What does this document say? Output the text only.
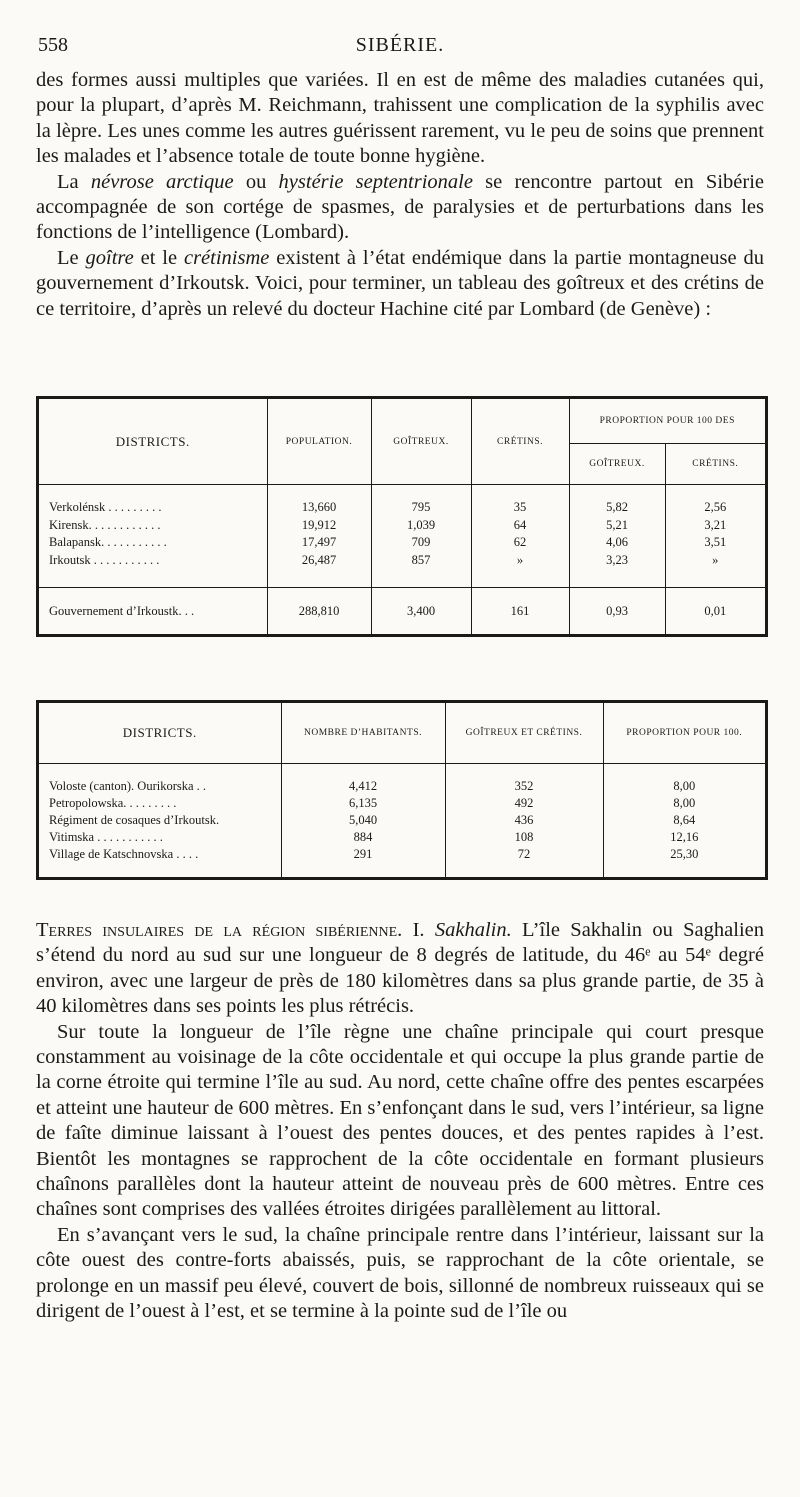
558	SIBÉRIE.

des formes aussi multiples que variées. Il en est de même des maladies cutanées qui, pour la plupart, d’après M. Reichmann, trahissent une complication de la syphilis avec la lèpre. Les unes comme les autres guérissent rarement, vu le peu de soins que prennent les malades et l’absence totale de toute bonne hygiène.

La névrose arctique ou hystérie septentrionale se rencontre partout en Sibérie accompagnée de son cortége de spasmes, de paralysies et de perturbations dans les fonctions de l’intelligence (Lombard).

Le goître et le crétinisme existent à l’état endémique dans la partie montagneuse du gouvernement d’Irkoutsk. Voici, pour terminer, un tableau des goîtreux et des crétins de ce territoire, d’après un relevé du docteur Hachine cité par Lombard (de Genève) :

DISTRICTS.	POPULATION.	GOÎTREUX.	CRÉTINS.	PROPORTION POUR 100 DES	
				GOÎTREUX.	CRÉTINS.
Verkolénsk . . . . . . . . .	13,660	795	35	5,82	2,56
Kirensk. . . . . . . . . . . .	19,912	1,039	64	5,21	3,21
Balapansk. . . . . . . . . . .	17,497	709	62	4,06	3,51
Irkoutsk . . . . . . . . . . .	26,487	857	»	3,23	»
Gouvernement d’Irkoustk. . .	288,810	3,400	161	0,93	0,01
DISTRICTS.	NOMBRE D’HABITANTS.	GOÎTREUX ET CRÉTINS.	PROPORTION POUR 100.
Voloste (canton). Ourikorska . .	4,412	352	8,00
Petropolowska. . . . . . . . .	6,135	492	8,00
Régiment de cosaques d’Irkoutsk.	5,040	436	8,64
Vitimska . . . . . . . . . . .	884	108	12,16
Village de Katschnovska . . . .	291	72	25,30

Terres insulaires de la région sibérienne. I. Sakhalin. L’île Sakhalin ou Saghalien s’étend du nord au sud sur une longueur de 8 degrés de latitude, du 46ᵉ au 54ᵉ degré environ, avec une largeur de près de 180 kilomètres dans sa plus grande partie, de 35 à 40 kilomètres dans ses points les plus rétrécis.

Sur toute la longueur de l’île règne une chaîne principale qui court presque constamment au voisinage de la côte occidentale et qui occupe la plus grande partie de la corne étroite qui termine l’île au sud. Au nord, cette chaîne offre des pentes escarpées et atteint une hauteur de 600 mètres. En s’enfonçant dans le sud, vers l’intérieur, sa ligne de faîte diminue laissant à l’ouest des pentes douces, et des pentes rapides à l’est. Bientôt les montagnes se rapprochent de la côte occidentale en formant plusieurs chaînons parallèles dont la hauteur atteint de nouveau près de 600 mètres. Entre ces chaînes sont comprises des vallées étroites dirigées parallèlement au littoral.

En s’avançant vers le sud, la chaîne principale rentre dans l’intérieur, laissant sur la côte ouest des contre-forts abaissés, puis, se rapprochant de la côte orientale, se prolonge en un massif peu élevé, couvert de bois, sillonné de nombreux ruisseaux qui se dirigent de l’ouest à l’est, et se termine à la pointe sud de l’île ou
